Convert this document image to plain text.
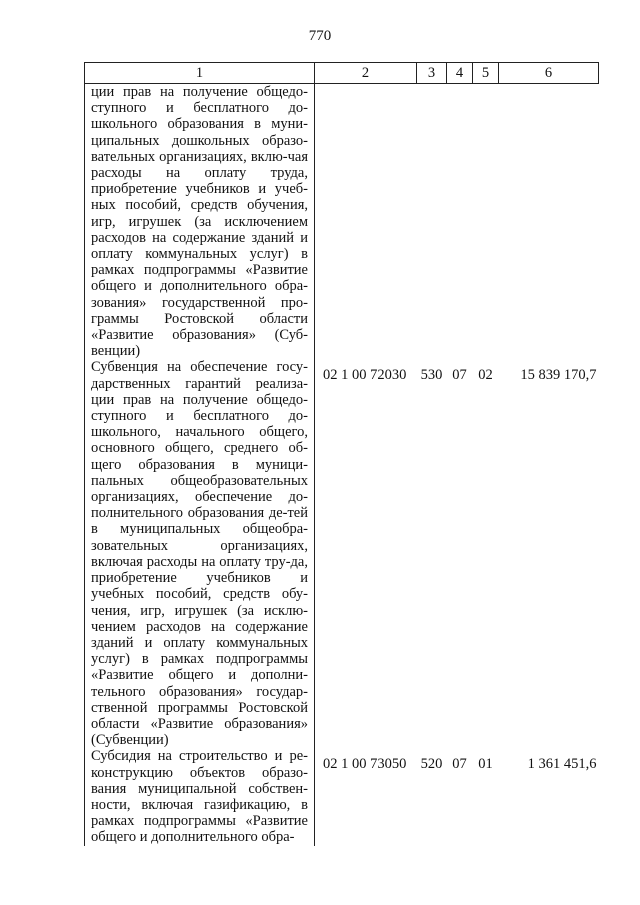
770
1	2	3	4	5	6
ции прав на получение общедо-ступного и бесплатного до-школьного образования в муни-ципальных дошкольных образо-вательных организациях, вклю-чая расходы на оплату труда, приобретение учебников и учеб-ных пособий, средств обучения, игр, игрушек (за исключением расходов на содержание зданий и оплату коммунальных услуг) в рамках подпрограммы «Развитие общего и дополнительного обра-зования» государственной про-граммы Ростовской области «Развитие образования» (Суб-венции)					
Субвенция на обеспечение госу-дарственных гарантий реализа-ции прав на получение общедо-ступного и бесплатного до-школьного, начального общего, основного общего, среднего об-щего образования в муници-пальных общеобразовательных организациях, обеспечение до-полнительного образования де-тей в муниципальных общеобра-зовательных организациях, включая расходы на оплату тру-да, приобретение учебников и учебных пособий, средств обу-чения, игр, игрушек (за исклю-чением расходов на содержание зданий и оплату коммунальных услуг) в рамках подпрограммы «Развитие общего и дополни-тельного образования» государ-ственной программы Ростовской области «Развитие образования» (Субвенции)	02 1 00 72030	530	07	02	15 839 170,7
Субсидия на строительство и ре-конструкцию объектов образо-вания муниципальной собствен-ности, включая газификацию, в рамках подпрограммы «Развитие общего и дополнительного обра-	02 1 00 73050	520	07	01	1 361 451,6
